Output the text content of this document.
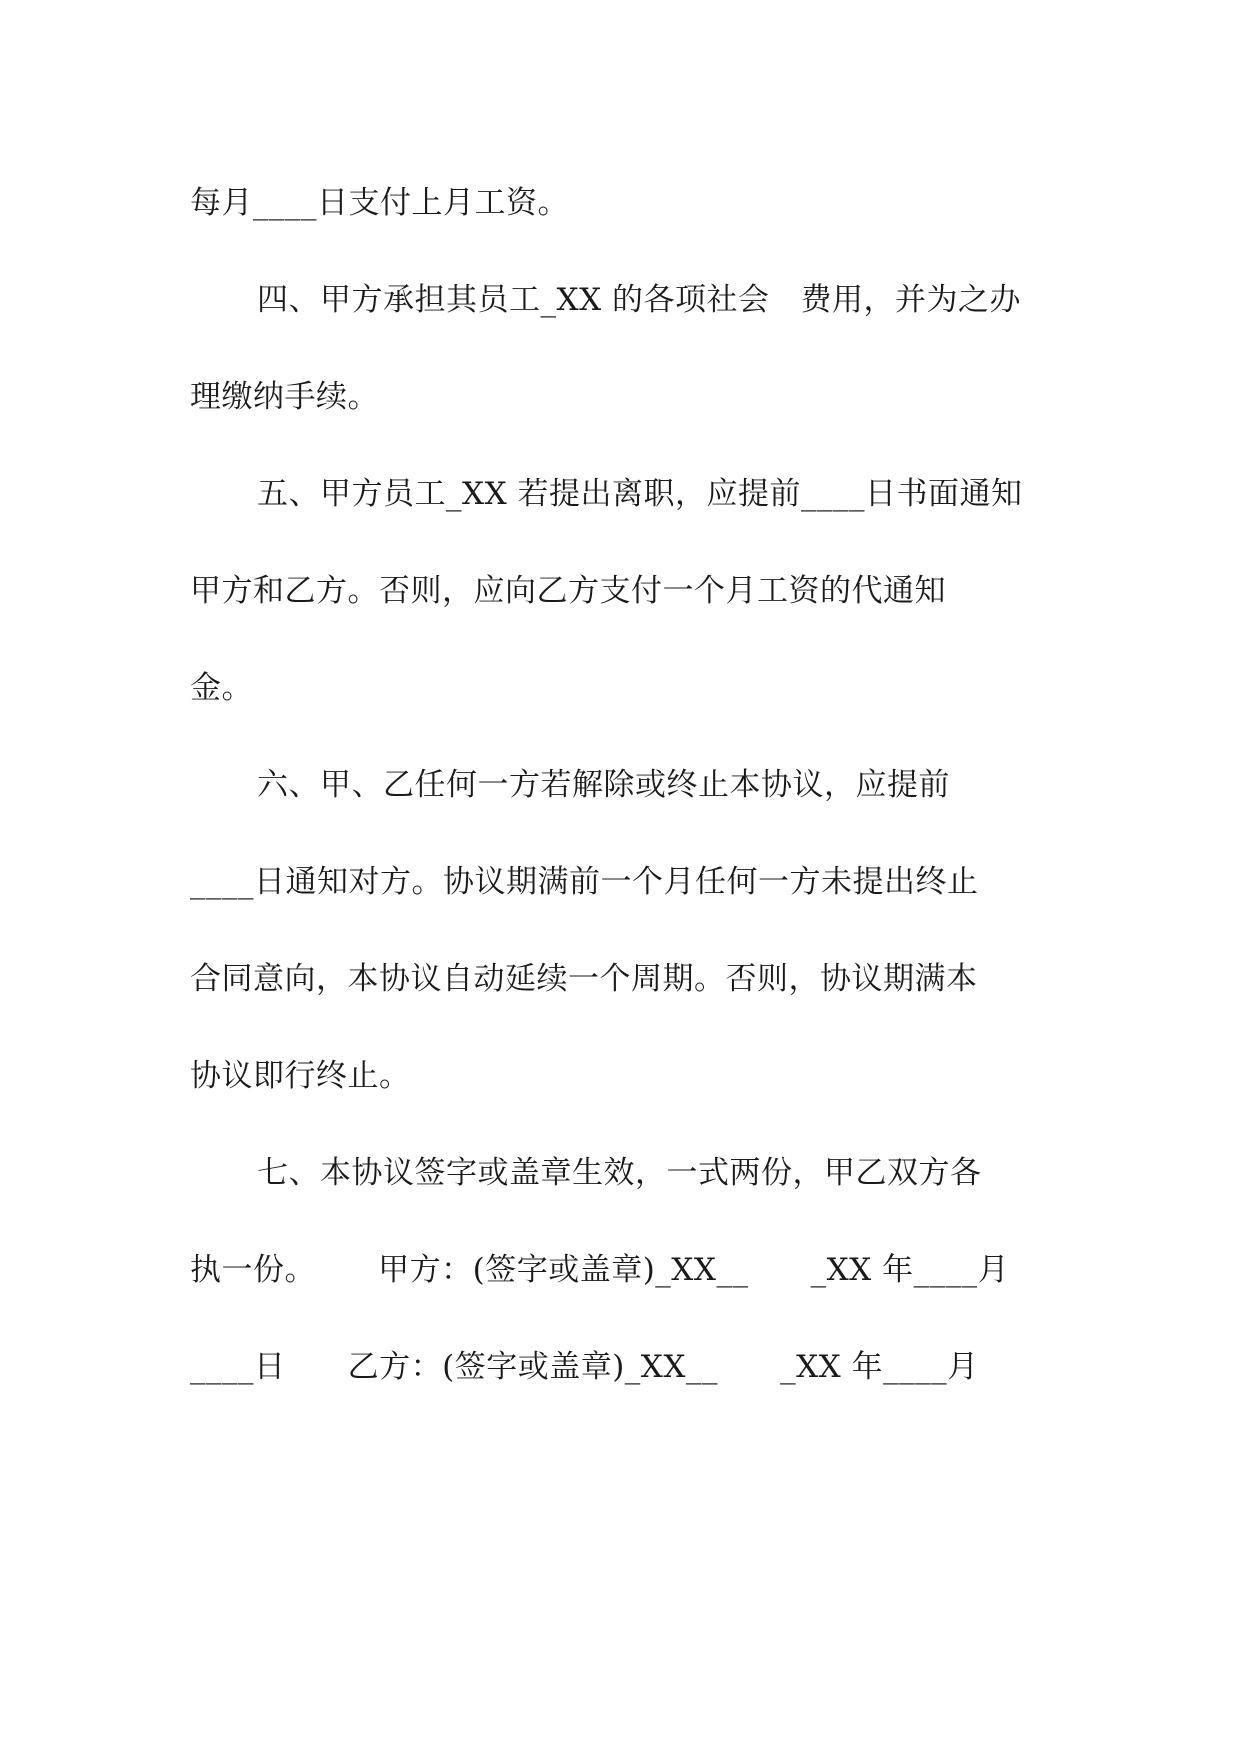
每月____日支付上月工资。
四、甲方承担其员工_XX 的各项社会   费用，并为之办
理缴纳手续。
五、甲方员工_XX 若提出离职，应提前____日书面通知
甲方和乙方。否则，应向乙方支付一个月工资的代通知
金。
六、甲、乙任何一方若解除或终止本协议，应提前
____日通知对方。协议期满前一个月任何一方未提出终止
合同意向，本协议自动延续一个周期。否则，协议期满本
协议即行终止。
七、本协议签字或盖章生效，一式两份，甲乙双方各
执一份。      甲方：(签字或盖章)_XX__      _XX 年____月
____日      乙方：(签字或盖章)_XX__      _XX 年____月
